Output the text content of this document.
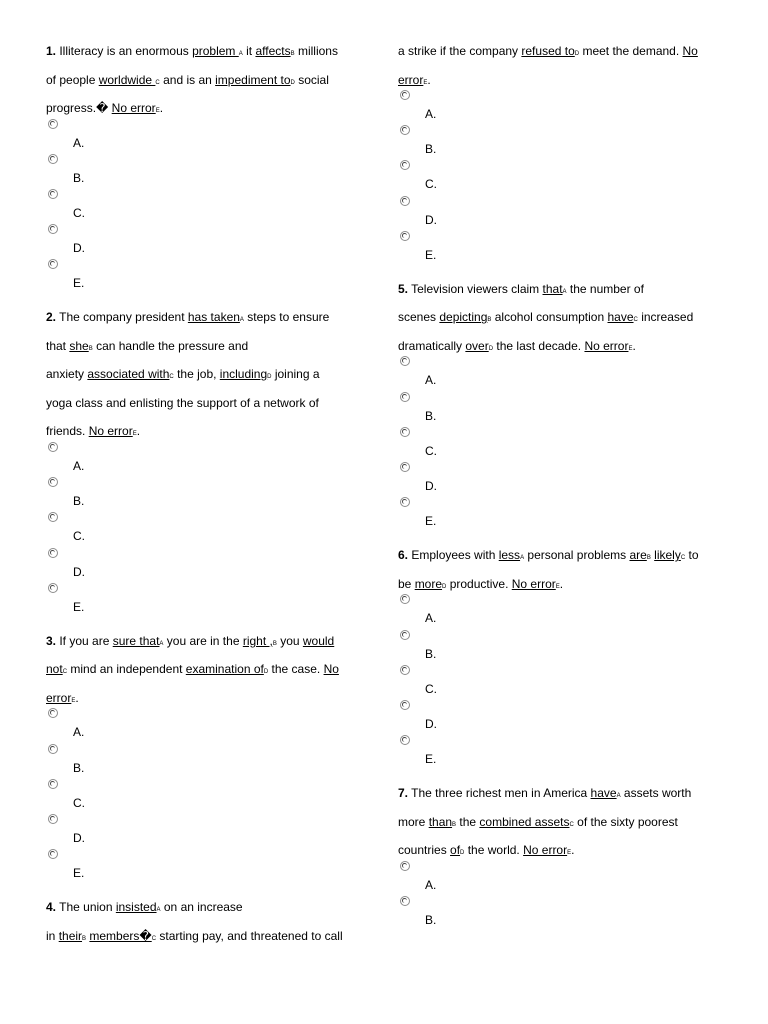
1. Illiteracy is an enormous problem A it affectsB millions
of people worldwide C and is an impediment toD social
progress.� No errorE.
A.
B.
C.
D.
E.
2. The company president has takenA steps to ensure
that sheB can handle the pressure and
anxiety associated withC the job, includingD joining a
yoga class and enlisting the support of a network of
friends. No errorE.
A.
B.
C.
D.
E.
3. If you are sure thatA you are in the right ,B you would
notC mind an independent examination ofD the case. No
errorE.
A.
B.
C.
D.
E.
4. The union insistedA on an increase
in theirB members�C starting pay, and threatened to call
a strike if the company refused toD meet the demand. No
errorE.
A.
B.
C.
D.
E.
5. Television viewers claim thatA the number of
scenes depictingB alcohol consumption haveC increased
dramatically overD the last decade. No errorE.
A.
B.
C.
D.
E.
6. Employees with lessA personal problems areB likelyC to
be moreD productive. No errorE.
A.
B.
C.
D.
E.
7. The three richest men in America haveA assets worth
more thanB the combined assetsC of the sixty poorest
countries ofD the world. No errorE.
A.
B.
